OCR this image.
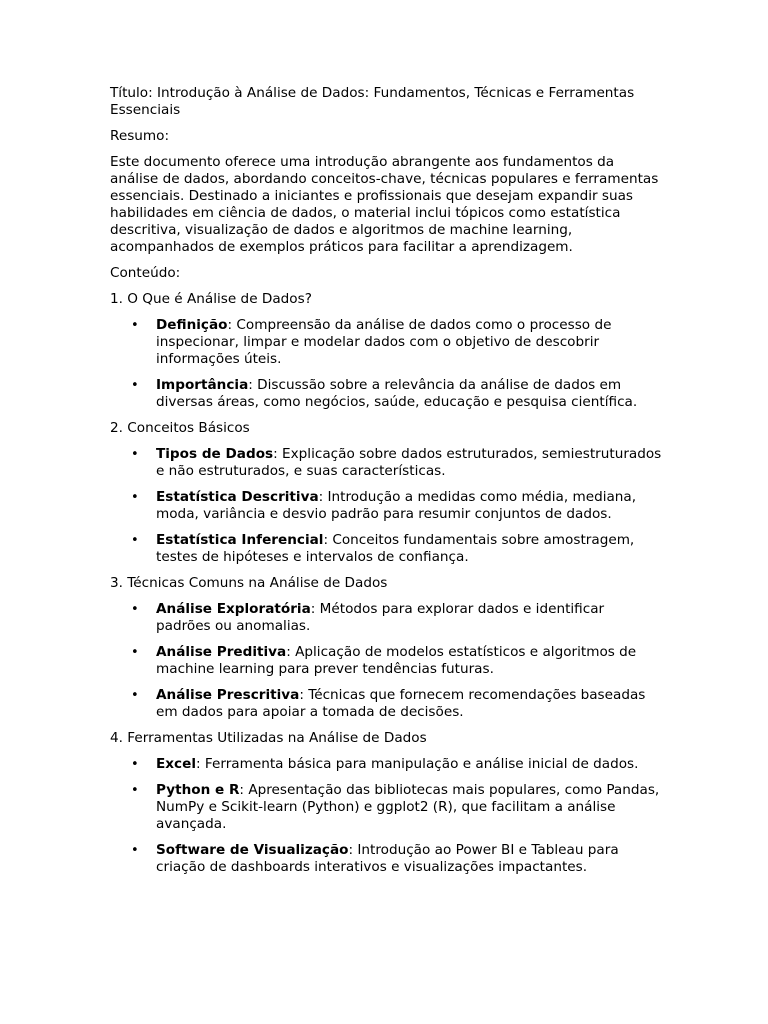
Título: Introdução à Análise de Dados: Fundamentos, Técnicas e Ferramentas Essenciais

Resumo:

Este documento oferece uma introdução abrangente aos fundamentos da análise de dados, abordando conceitos-chave, técnicas populares e ferramentas essenciais. Destinado a iniciantes e profissionais que desejam expandir suas habilidades em ciência de dados, o material inclui tópicos como estatística descritiva, visualização de dados e algoritmos de machine learning, acompanhados de exemplos práticos para facilitar a aprendizagem.

Conteúdo:

1. O Que é Análise de Dados?

• Definição: Compreensão da análise de dados como o processo de inspecionar, limpar e modelar dados com o objetivo de descobrir informações úteis.
• Importância: Discussão sobre a relevância da análise de dados em diversas áreas, como negócios, saúde, educação e pesquisa científica.

2. Conceitos Básicos

• Tipos de Dados: Explicação sobre dados estruturados, semiestruturados e não estruturados, e suas características.
• Estatística Descritiva: Introdução a medidas como média, mediana, moda, variância e desvio padrão para resumir conjuntos de dados.
• Estatística Inferencial: Conceitos fundamentais sobre amostragem, testes de hipóteses e intervalos de confiança.

3. Técnicas Comuns na Análise de Dados

• Análise Exploratória: Métodos para explorar dados e identificar padrões ou anomalias.
• Análise Preditiva: Aplicação de modelos estatísticos e algoritmos de machine learning para prever tendências futuras.
• Análise Prescritiva: Técnicas que fornecem recomendações baseadas em dados para apoiar a tomada de decisões.

4. Ferramentas Utilizadas na Análise de Dados

• Excel: Ferramenta básica para manipulação e análise inicial de dados.
• Python e R: Apresentação das bibliotecas mais populares, como Pandas, NumPy e Scikit-learn (Python) e ggplot2 (R), que facilitam a análise avançada.
• Software de Visualização: Introdução ao Power BI e Tableau para criação de dashboards interativos e visualizações impactantes.
